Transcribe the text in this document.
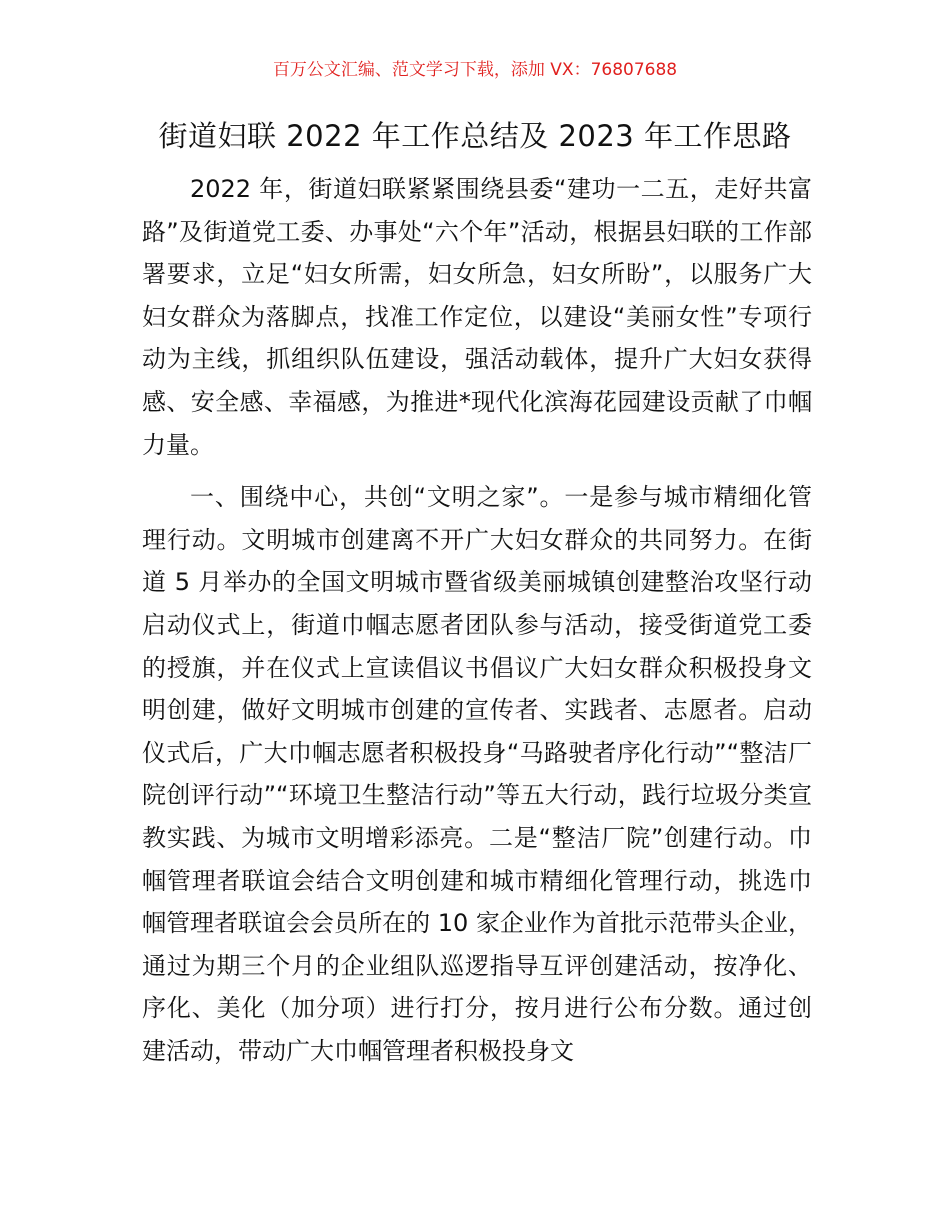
百万公文汇编、范文学习下载，添加 VX：76807688
街道妇联 2022 年工作总结及 2023 年工作思路

2022 年，街道妇联紧紧围绕县委“建功一二五，走好共富路”及街道党工委、办事处“六个年”活动，根据县妇联的工作部署要求，立足“妇女所需，妇女所急，妇女所盼”，以服务广大妇女群众为落脚点，找准工作定位，以建设“美丽女性”专项行动为主线，抓组织队伍建设，强活动载体，提升广大妇女获得感、安全感、幸福感，为推进*现代化滨海花园建设贡献了巾帼力量。

一、围绕中心，共创“文明之家”。一是参与城市精细化管理行动。文明城市创建离不开广大妇女群众的共同努力。在街道 5 月举办的全国文明城市暨省级美丽城镇创建整治攻坚行动启动仪式上，街道巾帼志愿者团队参与活动，接受街道党工委的授旗，并在仪式上宣读倡议书倡议广大妇女群众积极投身文明创建，做好文明城市创建的宣传者、实践者、志愿者。启动仪式后，广大巾帼志愿者积极投身“马路驶者序化行动”“整洁厂院创评行动”“环境卫生整洁行动”等五大行动，践行垃圾分类宣教实践、为城市文明增彩添亮。二是“整洁厂院”创建行动。巾帼管理者联谊会结合文明创建和城市精细化管理行动，挑选巾帼管理者联谊会会员所在的 10 家企业作为首批示范带头企业，通过为期三个月的企业组队巡逻指导互评创建活动，按净化、序化、美化（加分项）进行打分，按月进行公布分数。通过创建活动，带动广大巾帼管理者积极投身文
